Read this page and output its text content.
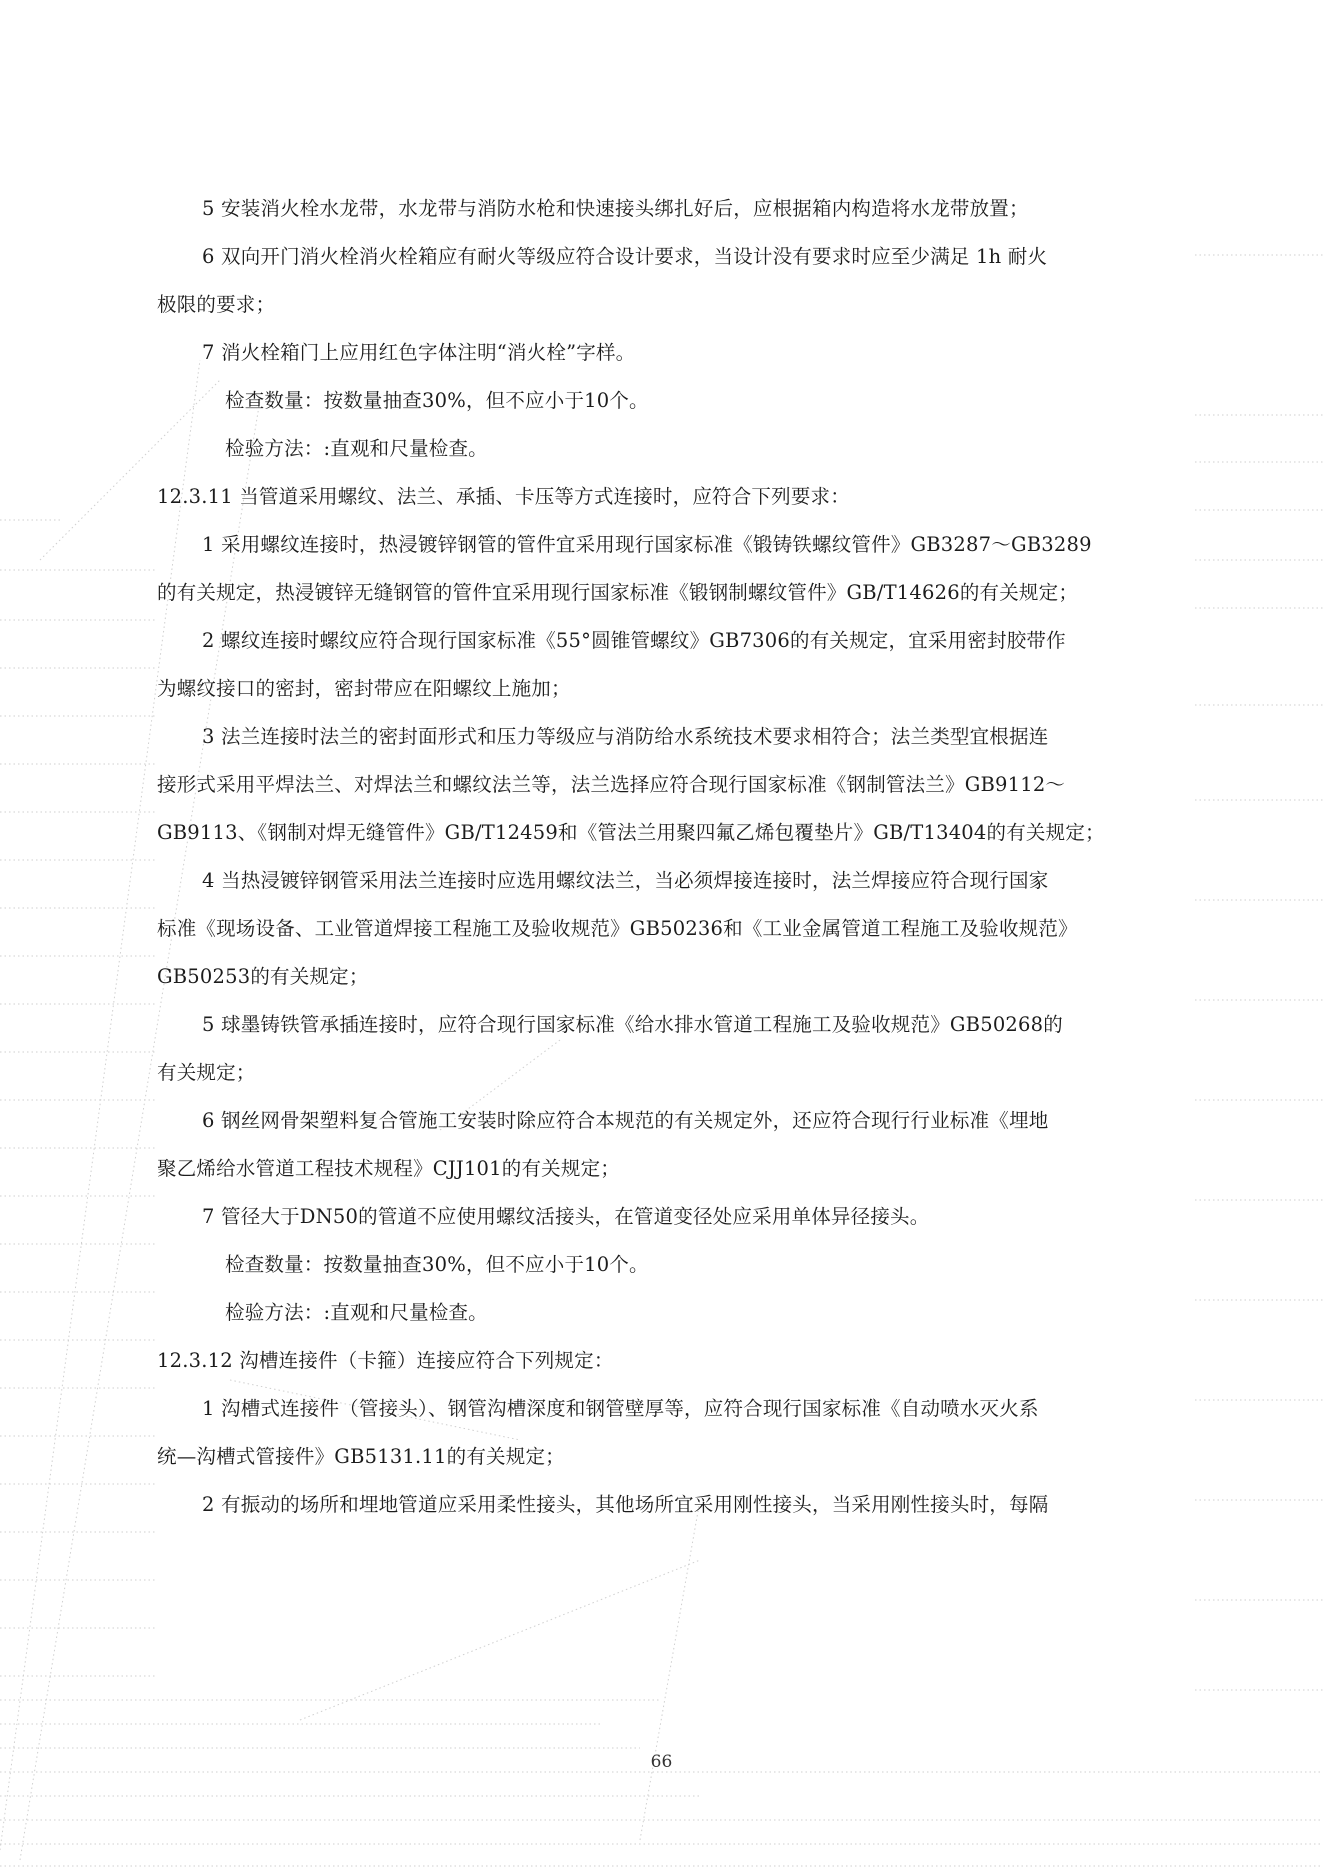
5 安装消火栓水龙带，水龙带与消防水枪和快速接头绑扎好后，应根据箱内构造将水龙带放置；
6 双向开门消火栓消火栓箱应有耐火等级应符合设计要求，当设计没有要求时应至少满足 1h 耐火
极限的要求；
7 消火栓箱门上应用红色字体注明“消火栓”字样。
检查数量：按数量抽查30%，但不应小于10个。
检验方法：:直观和尺量检查。
12.3.11 当管道采用螺纹、法兰、承插、卡压等方式连接时，应符合下列要求：
1 采用螺纹连接时，热浸镀锌钢管的管件宜采用现行国家标准《锻铸铁螺纹管件》GB3287～GB3289
的有关规定，热浸镀锌无缝钢管的管件宜采用现行国家标准《锻钢制螺纹管件》GB/T14626的有关规定；
2 螺纹连接时螺纹应符合现行国家标准《55°圆锥管螺纹》GB7306的有关规定，宜采用密封胶带作
为螺纹接口的密封，密封带应在阳螺纹上施加；
3 法兰连接时法兰的密封面形式和压力等级应与消防给水系统技术要求相符合；法兰类型宜根据连
接形式采用平焊法兰、对焊法兰和螺纹法兰等，法兰选择应符合现行国家标准《钢制管法兰》GB9112～
GB9113、《钢制对焊无缝管件》GB/T12459和《管法兰用聚四氟乙烯包覆垫片》GB/T13404的有关规定；
4 当热浸镀锌钢管采用法兰连接时应选用螺纹法兰，当必须焊接连接时，法兰焊接应符合现行国家
标准《现场设备、工业管道焊接工程施工及验收规范》GB50236和《工业金属管道工程施工及验收规范》
GB50253的有关规定；
5 球墨铸铁管承插连接时，应符合现行国家标准《给水排水管道工程施工及验收规范》GB50268的
有关规定；
6 钢丝网骨架塑料复合管施工安装时除应符合本规范的有关规定外，还应符合现行行业标准《埋地
聚乙烯给水管道工程技术规程》CJJ101的有关规定；
7 管径大于DN50的管道不应使用螺纹活接头，在管道变径处应采用单体异径接头。
检查数量：按数量抽查30%，但不应小于10个。
检验方法：:直观和尺量检查。
12.3.12 沟槽连接件（卡箍）连接应符合下列规定：
1 沟槽式连接件（管接头）、钢管沟槽深度和钢管壁厚等，应符合现行国家标准《自动喷水灭火系
统—沟槽式管接件》GB5131.11的有关规定；
2 有振动的场所和埋地管道应采用柔性接头，其他场所宜采用刚性接头，当采用刚性接头时，每隔
66
